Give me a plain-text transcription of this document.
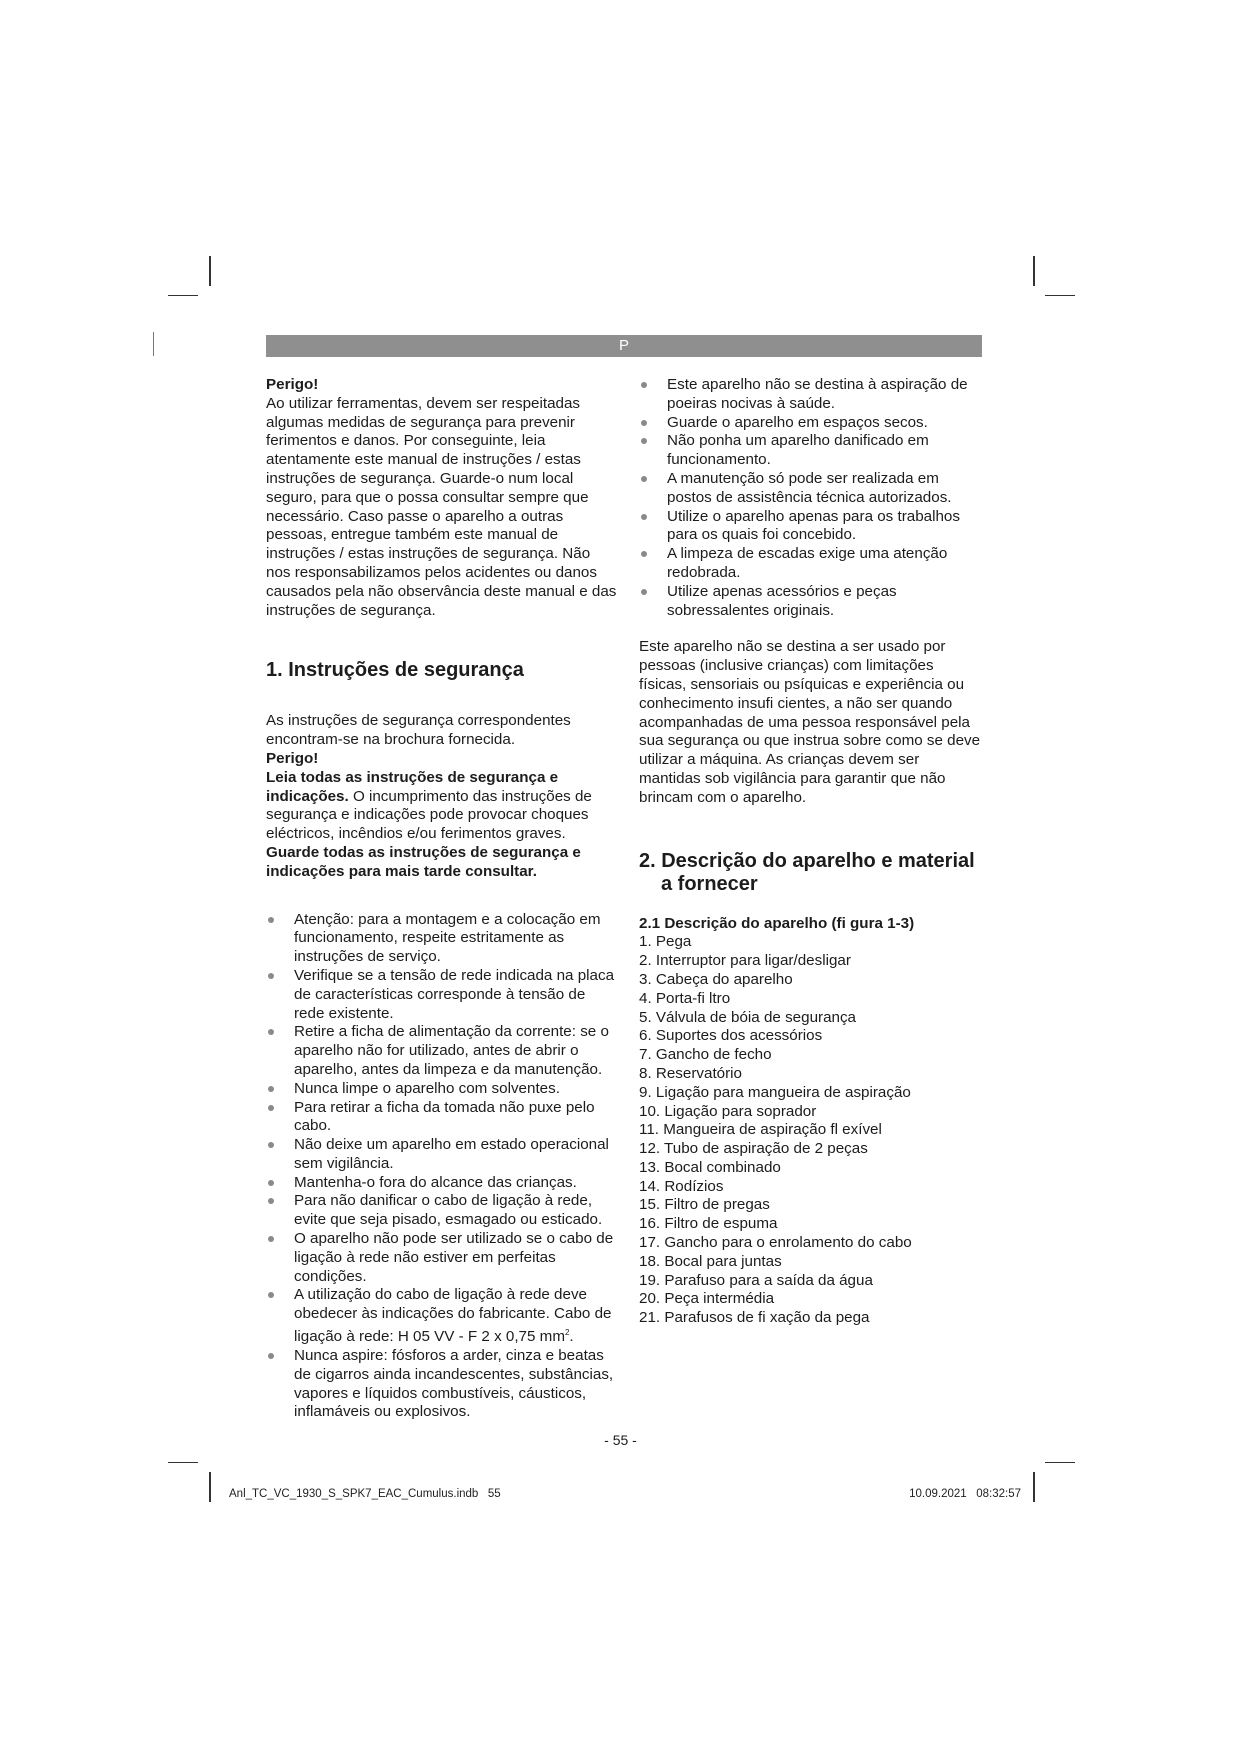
P

Perigo!

Ao utilizar ferramentas, devem ser respeitadas algumas medidas de segurança para prevenir ferimentos e danos. Por conseguinte, leia atentamente este manual de instruções / estas instruções de segurança. Guarde-o num local seguro, para que o possa consultar sempre que necessário. Caso passe o aparelho a outras pessoas, entregue também este manual de instruções / estas instruções de segurança. Não nos responsabilizamos pelos acidentes ou danos causados pela não observância deste manual e das instruções de segurança.

1. Instruções de segurança

As instruções de segurança correspondentes encontram-se na brochura fornecida.

Perigo!

Leia todas as instruções de segurança e indicações. O incumprimento das instruções de segurança e indicações pode provocar choques eléctricos, incêndios e/ou ferimentos graves.

Guarde todas as instruções de segurança e indicações para mais tarde consultar.

Atenção: para a montagem e a colocação em funcionamento, respeite estritamente as instruções de serviço.
Verifique se a tensão de rede indicada na placa de características corresponde à tensão de rede existente.
Retire a ficha de alimentação da corrente: se o aparelho não for utilizado, antes de abrir o aparelho, antes da limpeza e da manutenção.
Nunca limpe o aparelho com solventes.
Para retirar a ficha da tomada não puxe pelo cabo.
Não deixe um aparelho em estado operacional sem vigilância.
Mantenha-o fora do alcance das crianças.
Para não danificar o cabo de ligação à rede, evite que seja pisado, esmagado ou esticado.
O aparelho não pode ser utilizado se o cabo de ligação à rede não estiver em perfeitas condições.
A utilização do cabo de ligação à rede deve obedecer às indicações do fabricante. Cabo de ligação à rede: H 05 VV - F 2 x 0,75 $mm^2$.
Nunca aspire: fósforos a arder, cinza e beatas de cigarros ainda incandescentes, substâncias, vapores e líquidos combustíveis, cáusticos, inflamáveis ou explosivos.
Este aparelho não se destina à aspiração de poeiras nocivas à saúde.
Guarde o aparelho em espaços secos.
Não ponha um aparelho danificado em funcionamento.
A manutenção só pode ser realizada em postos de assistência técnica autorizados.
Utilize o aparelho apenas para os trabalhos para os quais foi concebido.
A limpeza de escadas exige uma atenção redobrada.
Utilize apenas acessórios e peças sobressalentes originais.

Este aparelho não se destina a ser usado por pessoas (inclusive crianças) com limitações físicas, sensoriais ou psíquicas e experiência ou conhecimento insufi cientes, a não ser quando acompanhadas de uma pessoa responsável pela sua segurança ou que instrua sobre como se deve utilizar a máquina. As crianças devem ser mantidas sob vigilância para garantir que não brincam com o aparelho.

2. Descrição do aparelho e material a fornecer

2.1 Descrição do aparelho (fi gura 1-3)

1. Pega
2. Interruptor para ligar/desligar
3. Cabeça do aparelho
4. Porta-fi ltro
5. Válvula de bóia de segurança
6. Suportes dos acessórios
7. Gancho de fecho
8. Reservatório
9. Ligação para mangueira de aspiração
10. Ligação para soprador
11. Mangueira de aspiração fl exível
12. Tubo de aspiração de 2 peças
13. Bocal combinado
14. Rodízios
15. Filtro de pregas
16. Filtro de espuma
17. Gancho para o enrolamento do cabo
18. Bocal para juntas
19. Parafuso para a saída da água
20. Peça intermédia
21. Parafusos de fi xação da pega
- 55 -
Anl_TC_VC_1930_S_SPK7_EAC_Cumulus.indb   55	10.09.2021   08:32:57
